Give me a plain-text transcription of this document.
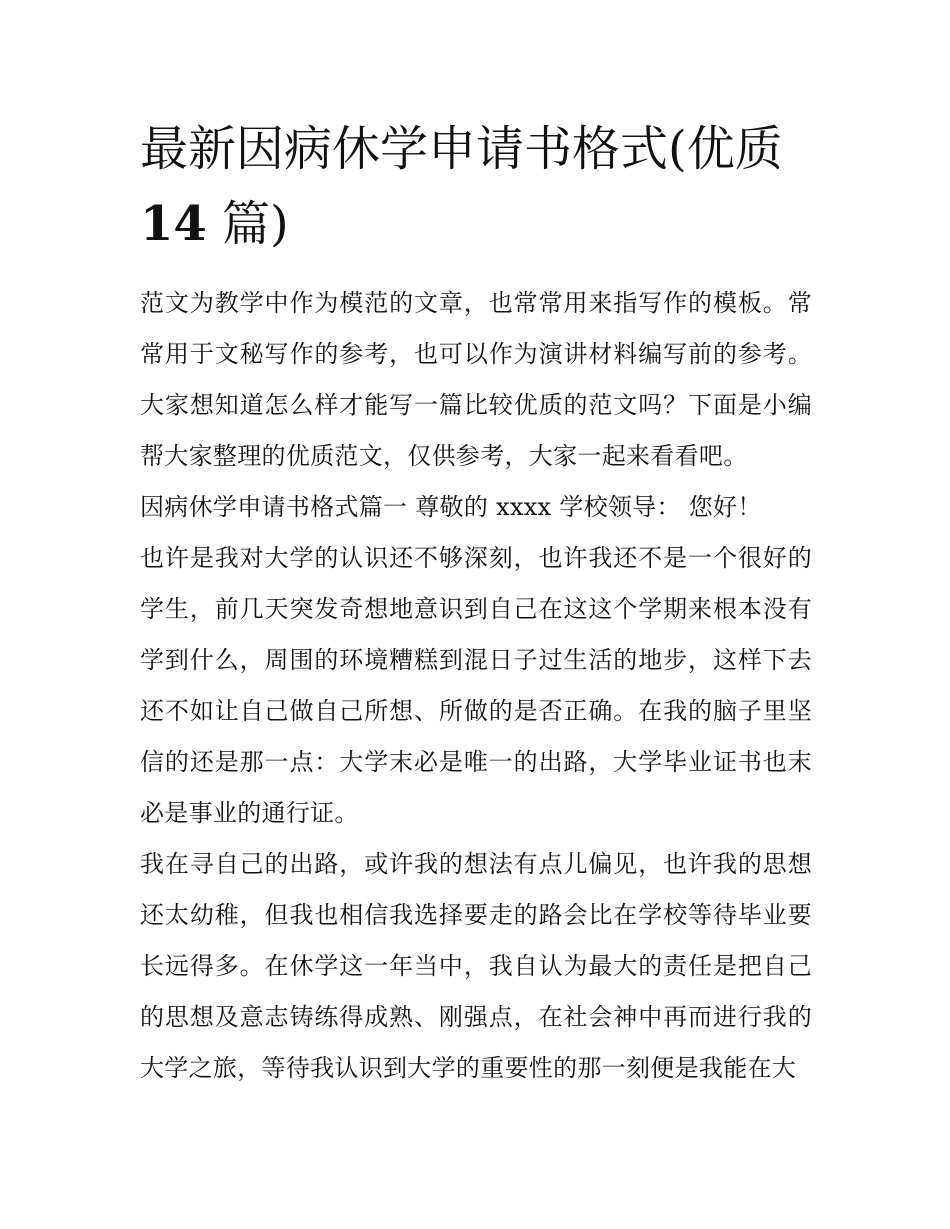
最新因病休学申请书格式(优质
14 篇)

范文为教学中作为模范的文章，也常常用来指写作的模板。常常用于文秘写作的参考，也可以作为演讲材料编写前的参考。大家想知道怎么样才能写一篇比较优质的范文吗？下面是小编帮大家整理的优质范文，仅供参考，大家一起来看看吧。

因病休学申请书格式篇一 尊敬的 xxxx 学校领导： 您好！

也许是我对大学的认识还不够深刻，也许我还不是一个很好的学生，前几天突发奇想地意识到自己在这这个学期来根本没有学到什么，周围的环境糟糕到混日子过生活的地步，这样下去还不如让自己做自己所想、所做的是否正确。在我的脑子里坚信的还是那一点：大学末必是唯一的出路，大学毕业证书也末必是事业的通行证。

我在寻自己的出路，或许我的想法有点儿偏见，也许我的思想还太幼稚，但我也相信我选择要走的路会比在学校等待毕业要长远得多。在休学这一年当中，我自认为最大的责任是把自己的思想及意志铸练得成熟、刚强点，在社会神中再而进行我的大学之旅，等待我认识到大学的重要性的那一刻便是我能在大
